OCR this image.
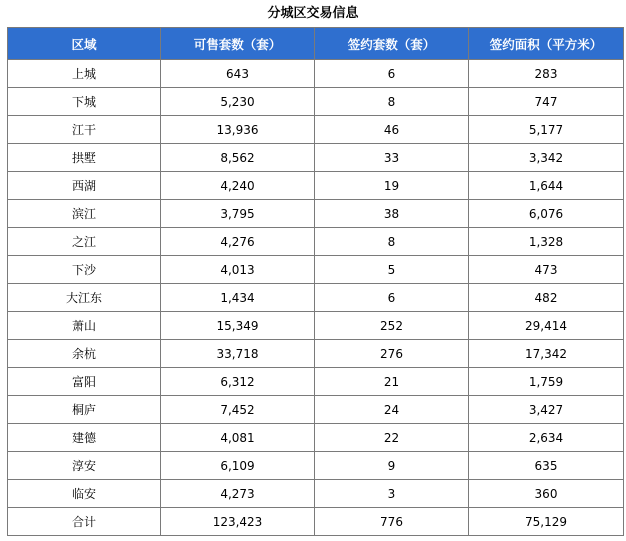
分城区交易信息
区域	可售套数（套）	签约套数（套）	签约面积（平方米）
上城	643	6	283
下城	5,230	8	747
江干	13,936	46	5,177
拱墅	8,562	33	3,342
西湖	4,240	19	1,644
滨江	3,795	38	6,076
之江	4,276	8	1,328
下沙	4,013	5	473
大江东	1,434	6	482
萧山	15,349	252	29,414
余杭	33,718	276	17,342
富阳	6,312	21	1,759
桐庐	7,452	24	3,427
建德	4,081	22	2,634
淳安	6,109	9	635
临安	4,273	3	360
合计	123,423	776	75,129
